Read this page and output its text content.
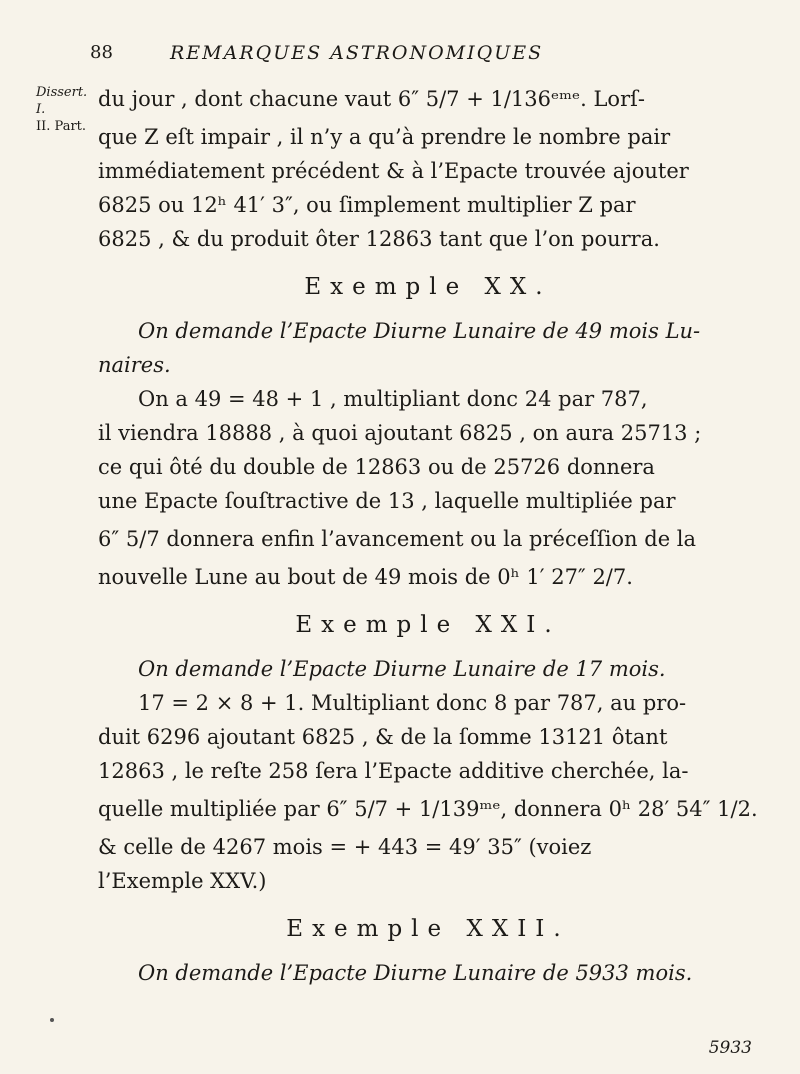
88	REMARQUES ASTRONOMIQUES
Dissert. I.
II. Part.
du jour , dont chacune vaut 6″ 5/7 + 1/136ᵉᵐᵉ. Lorſ-
que Z eſt impair , il n’y a qu’à prendre le nombre pair
immédiatement précédent & à l’Epacte trouvée ajouter
6825 ou 12ʰ 41′ 3″, ou ſimplement multiplier Z par
6825 , & du produit ôter 12863 tant que l’on pourra.
Exemple XX.
On demande l’Epacte Diurne Lunaire de 49 mois Lu-
naires.
On a 49 = 48 + 1 , multipliant donc 24 par 787,
il viendra 18888 , à quoi ajoutant 6825 , on aura 25713 ;
ce qui ôté du double de 12863 ou de 25726 donnera
une Epacte ſouſtractive de 13 , laquelle multipliée par
6″ 5/7 donnera enfin l’avancement ou la préceſſion de la
nouvelle Lune au bout de 49 mois de 0ʰ 1′ 27″ 2/7.
Exemple XXI.
On demande l’Epacte Diurne Lunaire de 17 mois.
17 = 2 × 8 + 1. Multipliant donc 8 par 787, au pro-
duit 6296 ajoutant 6825 , & de la ſomme 13121 ôtant
12863 , le reſte 258 ſera l’Epacte additive cherchée, la-
quelle multipliée par 6″ 5/7 + 1/139ᵐᵉ, donnera 0ʰ 28′ 54″ 1/2.
& celle de 4267 mois = + 443 = 49′ 35″ (voiez
l’Exemple XXV.)
Exemple XXII.
On demande l’Epacte Diurne Lunaire de 5933 mois.
5933
